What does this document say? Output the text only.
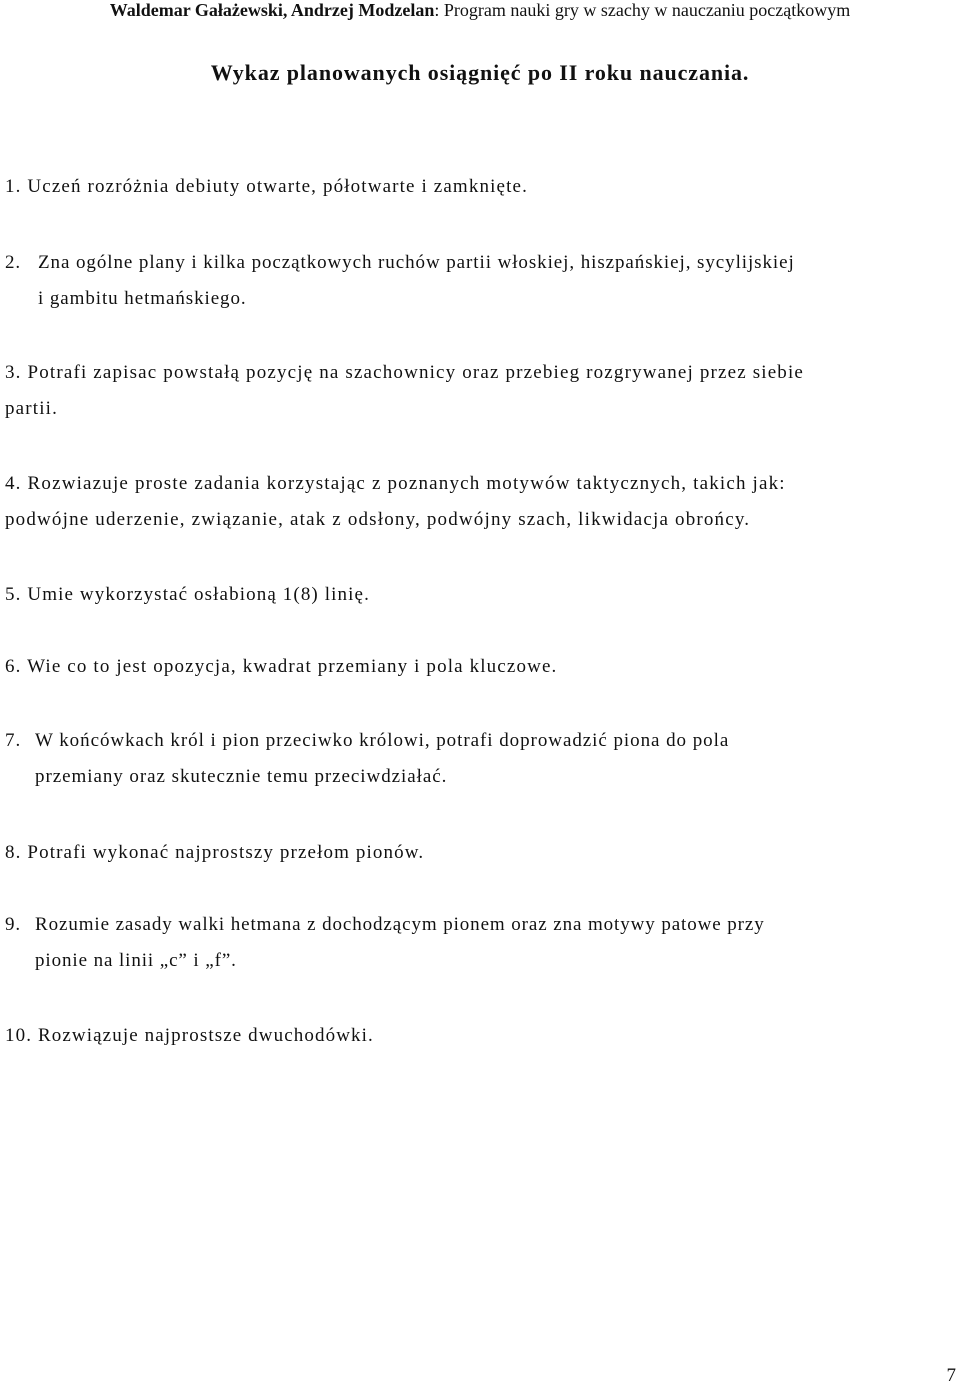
Waldemar Gałażewski, Andrzej Modzelan: Program nauki gry w szachy w nauczaniu początkowym
Wykaz planowanych osiągnięć po II roku nauczania.
1. Uczeń rozróżnia debiuty otwarte, półotwarte i zamknięte.
2. Zna ogólne plany i kilka początkowych ruchów partii włoskiej, hiszpańskiej, sycylijskiej
i gambitu hetmańskiego.
3. Potrafi zapisac powstałą pozycję na szachownicy oraz przebieg rozgrywanej przez siebie
partii.
4. Rozwiazuje proste zadania korzystając z poznanych motywów taktycznych, takich jak:
podwójne uderzenie, związanie, atak z odsłony, podwójny szach, likwidacja obrońcy.
5. Umie wykorzystać osłabioną 1(8) linię.
6. Wie co to jest opozycja, kwadrat przemiany i pola kluczowe.
7. W końcówkach król i pion przeciwko królowi, potrafi doprowadzić piona do pola
przemiany oraz skutecznie temu przeciwdziałać.
8. Potrafi wykonać najprostszy przełom pionów.
9. Rozumie zasady walki hetmana z dochodzącym pionem oraz zna motywy patowe przy
pionie na linii „c” i „f”.
10. Rozwiązuje najprostsze dwuchodówki.
7
